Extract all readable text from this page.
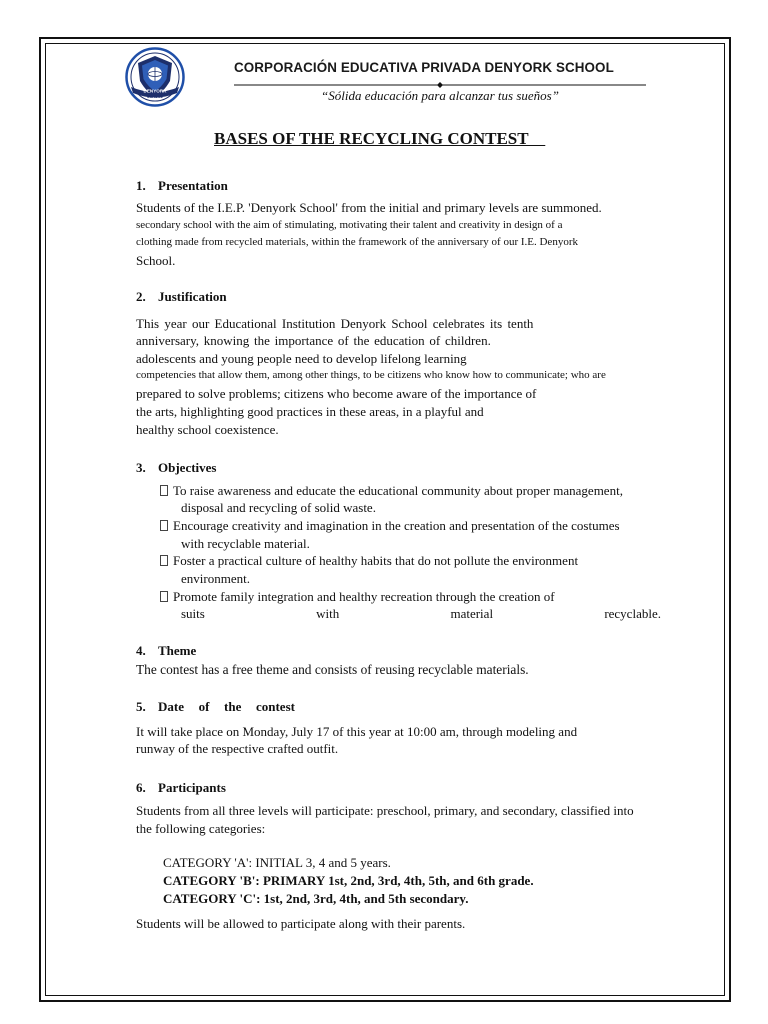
DENYORK
SCHOOL
CORPORACIÓN EDUCATIVA PRIVADA DENYORK SCHOOL
“Sólida educación para alcanzar tus sueños”
BASES OF THE RECYCLING CONTEST
1. Presentation
Students of the I.E.P. 'Denyork School' from the initial and primary levels are summoned.
secondary school with the aim of stimulating, motivating their talent and creativity in design of a
clothing made from recycled materials, within the framework of the anniversary of our I.E. Denyork
School.
2. Justification
This year our Educational Institution Denyork School celebrates its tenth
anniversary, knowing the importance of the education of children.
adolescents and young people need to develop lifelong learning
competencies that allow them, among other things, to be citizens who know how to communicate; who are
prepared to solve problems; citizens who become aware of the importance of
the arts, highlighting good practices in these areas, in a playful and
healthy school coexistence.
3. Objectives
To raise awareness and educate the educational community about proper management,
disposal and recycling of solid waste.
Encourage creativity and imagination in the creation and presentation of the costumes
with recyclable material.
Foster a practical culture of healthy habits that do not pollute the environment
environment.
Promote family integration and healthy recreation through the creation of
suits	with	material	recyclable.
4. Theme
The contest has a free theme and consists of reusing recyclable materials.
5. Date of the contest
It will take place on Monday, July 17 of this year at 10:00 am, through modeling and
runway of the respective crafted outfit.
6. Participants
Students from all three levels will participate: preschool, primary, and secondary, classified into
the following categories:
CATEGORY 'A': INITIAL 3, 4 and 5 years.
CATEGORY 'B': PRIMARY 1st, 2nd, 3rd, 4th, 5th, and 6th grade.
CATEGORY 'C': 1st, 2nd, 3rd, 4th, and 5th secondary.
Students will be allowed to participate along with their parents.
